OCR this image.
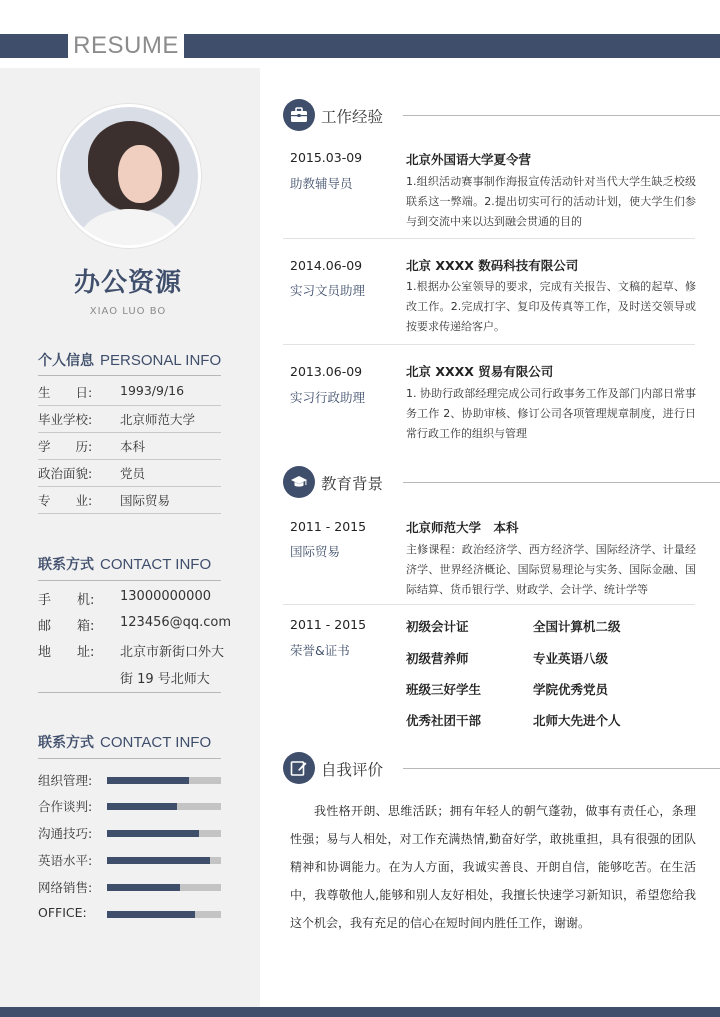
RESUME
办公资源
XIAO LUO BO
个人信息 PERSONAL INFO
生　　日:	1993/9/16
毕业学校:	北京师范大学
学　　历:	本科
政治面貌:	党员
专　　业:	国际贸易
联系方式 CONTACT INFO
手　　机: 13000000000
邮　　箱: 123456@qq.com
地　　址: 北京市新街口外大
街 19 号北师大
联系方式 CONTACT INFO
组织管理:
合作谈判:
沟通技巧:
英语水平:
网络销售:
OFFICE:
工作经验
2015.03-09
助教辅导员
北京外国语大学夏令营
1.组织活动赛事制作海报宣传活动针对当代大学生缺乏校级联系这一弊端。2.提出切实可行的活动计划，使大学生们参与到交流中来以达到融会贯通的目的
2014.06-09
实习文员助理
北京 XXXX 数码科技有限公司
1.根据办公室领导的要求，完成有关报告、文稿的起草、修改工作。2.完成打字、复印及传真等工作，及时送交领导或按要求传递给客户。
2013.06-09
实习行政助理
北京 XXXX 贸易有限公司
1. 协助行政部经理完成公司行政事务工作及部门内部日常事务工作 2、协助审核、修订公司各项管理规章制度，进行日常行政工作的组织与管理
教育背景
2011 - 2015
国际贸易
北京师范大学　本科
主修课程：政治经济学、西方经济学、国际经济学、计量经济学、世界经济概论、国际贸易理论与实务、国际金融、国际结算、货币银行学、财政学、会计学、统计学等
2011 - 2015
荣誉&证书
初级会计证	全国计算机二级
初级营养师	专业英语八级
班级三好学生	学院优秀党员
优秀社团干部	北师大先进个人
自我评价
我性格开朗、思维活跃；拥有年轻人的朝气蓬勃，做事有责任心，条理性强；易与人相处，对工作充满热情,勤奋好学，敢挑重担，具有很强的团队精神和协调能力。在为人方面，我诚实善良、开朗自信，能够吃苦。在生活中，我尊敬他人,能够和别人友好相处，我擅长快速学习新知识，希望您给我这个机会，我有充足的信心在短时间内胜任工作，谢谢。
